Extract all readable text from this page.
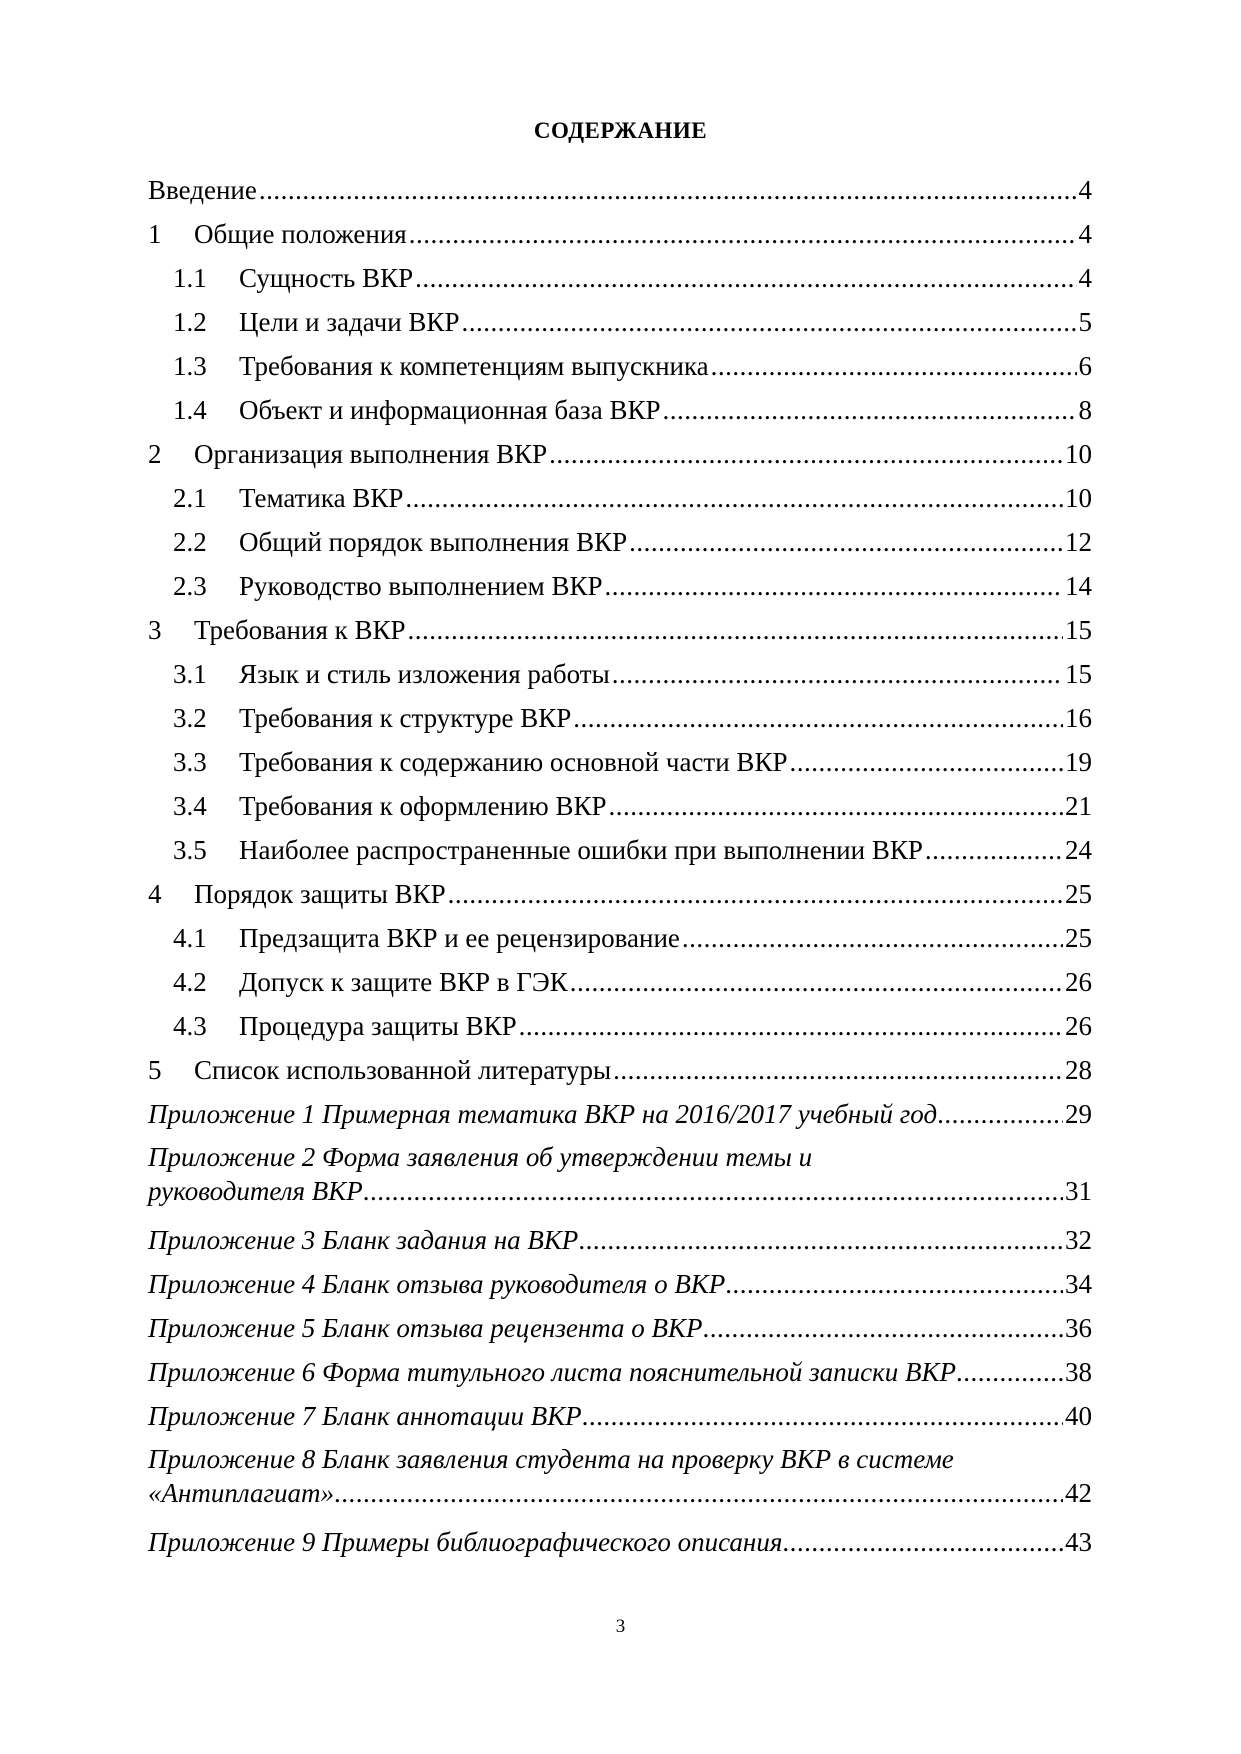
СОДЕРЖАНИЕ
Введение .....	4
1	Общие положения .....	4
1.1	Сущность ВКР .....	4
1.2	Цели и задачи ВКР .....	5
1.3	Требования к компетенциям выпускника .....	6
1.4	Объект и информационная база ВКР .....	8
2	Организация выполнения ВКР .....	10
2.1	Тематика ВКР .....	10
2.2	Общий порядок выполнения ВКР .....	12
2.3	Руководство выполнением ВКР .....	14
3	Требования к ВКР .....	15
3.1	Язык и стиль изложения работы .....	15
3.2	Требования к структуре ВКР .....	16
3.3	Требования к содержанию основной части ВКР .....	19
3.4	Требования к оформлению ВКР .....	21
3.5	Наиболее распространенные ошибки при выполнении ВКР .....	24
4	Порядок защиты ВКР .....	25
4.1	Предзащита ВКР и ее рецензирование .....	25
4.2	Допуск к защите ВКР в ГЭК .....	26
4.3	Процедура защиты ВКР .....	26
5	Список использованной литературы .....	28
Приложение 1 Примерная тематика ВКР на 2016/2017 учебный год .....	29
Приложение 2 Форма заявления об утверждении темы и
руководителя ВКР .....	31
Приложение 3 Бланк задания на ВКР .....	32
Приложение 4 Бланк отзыва руководителя о ВКР .....	34
Приложение 5 Бланк отзыва рецензента о ВКР .....	36
Приложение 6 Форма титульного листа пояснительной записки ВКР .....	38
Приложение 7 Бланк аннотации ВКР .....	40
Приложение 8 Бланк заявления студента на проверку ВКР в системе
«Антиплагиат» .....	42
Приложение 9 Примеры библиографического описания .....	43
3
